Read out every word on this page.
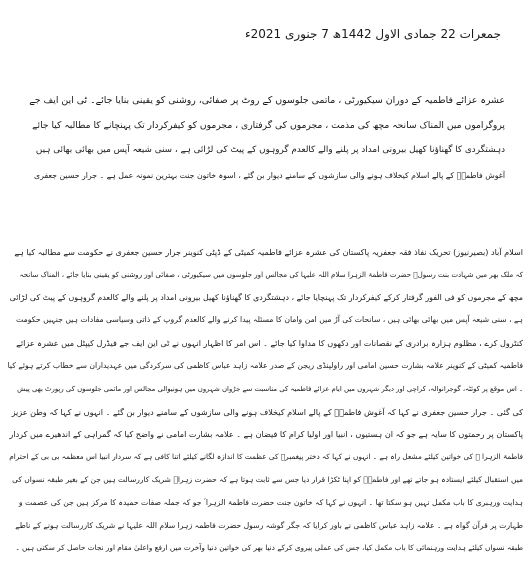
جمعرات 22 جمادی الاول 1442ھ 7 جنوری 2021ء

عشرہ عزائے فاطمیہ کے دوران سیکیورٹی ، ماتمی جلوسوں کے روٹ پر صفائی، روشنی کو یقینی بنایا جائے۔ ٹی این ایف جے

پروگراموں میں المناک سانحہ مچھ کی مذمت ، مجرموں کی گرفتاری ، مجرموں کو کیفرکردار تک پہنچانے کا مطالبہ کیا جائے

دہشتگردی کا گھناؤنا کھیل بیرونی امداد پر پلنے والے کالعدم گروہوں کے پیٹ کی لڑائی ہے ، سنی شیعہ آپس میں بھائی بھائی ہیں

آغوش فاطمہؑ کے پالے اسلام کیخلاف ہونے والی سازشوں کے سامنے دیوار بن گئے ، اسوہ خاتون جنت بہترین نمونہ عمل ہے ۔ جرار حسین جعفری

اسلام آباد (بصیرنیوز) تحریک نفاذ فقہ جعفریہ پاکستان کی عشرہ عزائے فاطمیہ کمیٹی کے ڈپٹی کنوینر جرار حسین جعفری نے حکومت سے مطالبہ کیا ہے

کہ ملک بھر میں شہادت بنت رسولؐ حضرت فاطمۃ الزہرا سلام اللہ علیہا کی مجالس اور جلوسوں میں سیکیورٹی ، صفائی اور روشنی کو یقینی بنایا جائے ، المناک سانحہ

مچھ کے مجرموں کو فی الفور گرفتار کرکے کیفرکردار تک پہنچایا جائے ، دہشتگردی کا گھناؤنا کھیل بیرونی امداد پر پلنے والے کالعدم گروہوں کے پیٹ کی لڑائی

ہے ، سنی شیعہ آپس میں بھائی بھائی ہیں ، سانحات کی آڑ میں امن وامان کا مسئلہ پیدا کرنے والے کالعدم گروپ کے ذاتی وسیاسی مفادات ہیں جنہیں حکومت

کنٹرول کرے ، مظلوم ہزارہ برادری کے نقصانات اور دکھوں کا مداوا کیا جائے ۔ اس امر کا اظہار انہوں نے ٹی این ایف جے فیڈرل کیپٹل میں عشرہ عزائے

فاطمیہ کمیٹی کے کنوینر علامہ بشارت حسین امامی اور راولپنڈی ریجن کے صدر علامہ زاہد عباس کاظمی کی سرکردگی میں عہدیداران سے خطاب کرتے ہوئے کیا

۔ اس موقع پر کوئٹہ، گوجرانوالہ، کراچی اور دیگر شہروں میں ایام عزائے فاطمیہ کی مناسبت سے جڑواں شہروں میں ہونیوالی مجالس اور ماتمی جلوسوں کی رپورٹ بھی پیش

کی گئی ۔ جرار حسین جعفری نے کہا کہ آغوش فاطمہؑ کے پالے اسلام کیخلاف ہونے والی سازشوں کے سامنے دیوار بن گئے ۔ انہوں نے کہا کہ وطن عزیز

پاکستان پر رحمتوں کا سایہ ہے جو کہ ان ہستیوں ، انبیا اور اولیا کرام کا فیضان ہے ۔ علامہ بشارت امامی نے واضح کیا کہ گمراہی کے اندھیرے میں کردار

فاطمۃ الزہرا ؑ کی خواتین کیلئے مشعل راہ ہے ۔ انہوں نے کہا کہ دختر پیغمبرؐ کی عظمت کا اندازہ لگانے کیلئے اتنا کافی ہے کہ سردار انبیا اس معظمہ بی بی کے احترام

میں استقبال کیلئے ایستادہ ہو جاتے تھے اور فاطمہؑ کو اپنا ٹکڑا قرار دیا جس سے ثابت ہوتا ہے کہ حضرت زہراؑ شریک کاررسالت ہیں جن کے بغیر طبقہ نسواں کی

ہدایت ورہبری کا باب مکمل نہیں ہو سکتا تھا ۔ انہوں نے کہا کہ خاتون جنت حضرت فاطمۃ الزہرا ؑ جو کہ جملہ صفات حمیدہ کا مرکز ہیں جن کی عصمت و

طہارت پر قرآن گواہ ہے ۔ علامہ زاہد عباس کاظمی نے باور کرایا کہ جگر گوشہ رسول حضرت فاطمہ زہرا سلام اللہ علیہا نے شریک کاررسالت ہونے کے ناطے

طبقہ نسواں کیلئے ہدایت ورہنمائی کا باب مکمل کیا، جس کی عملی پیروی کرکے دنیا بھر کی خواتین دنیا وآخرت میں ارفع واعلیٰ مقام اور نجات حاصل کر سکتی ہیں ۔
